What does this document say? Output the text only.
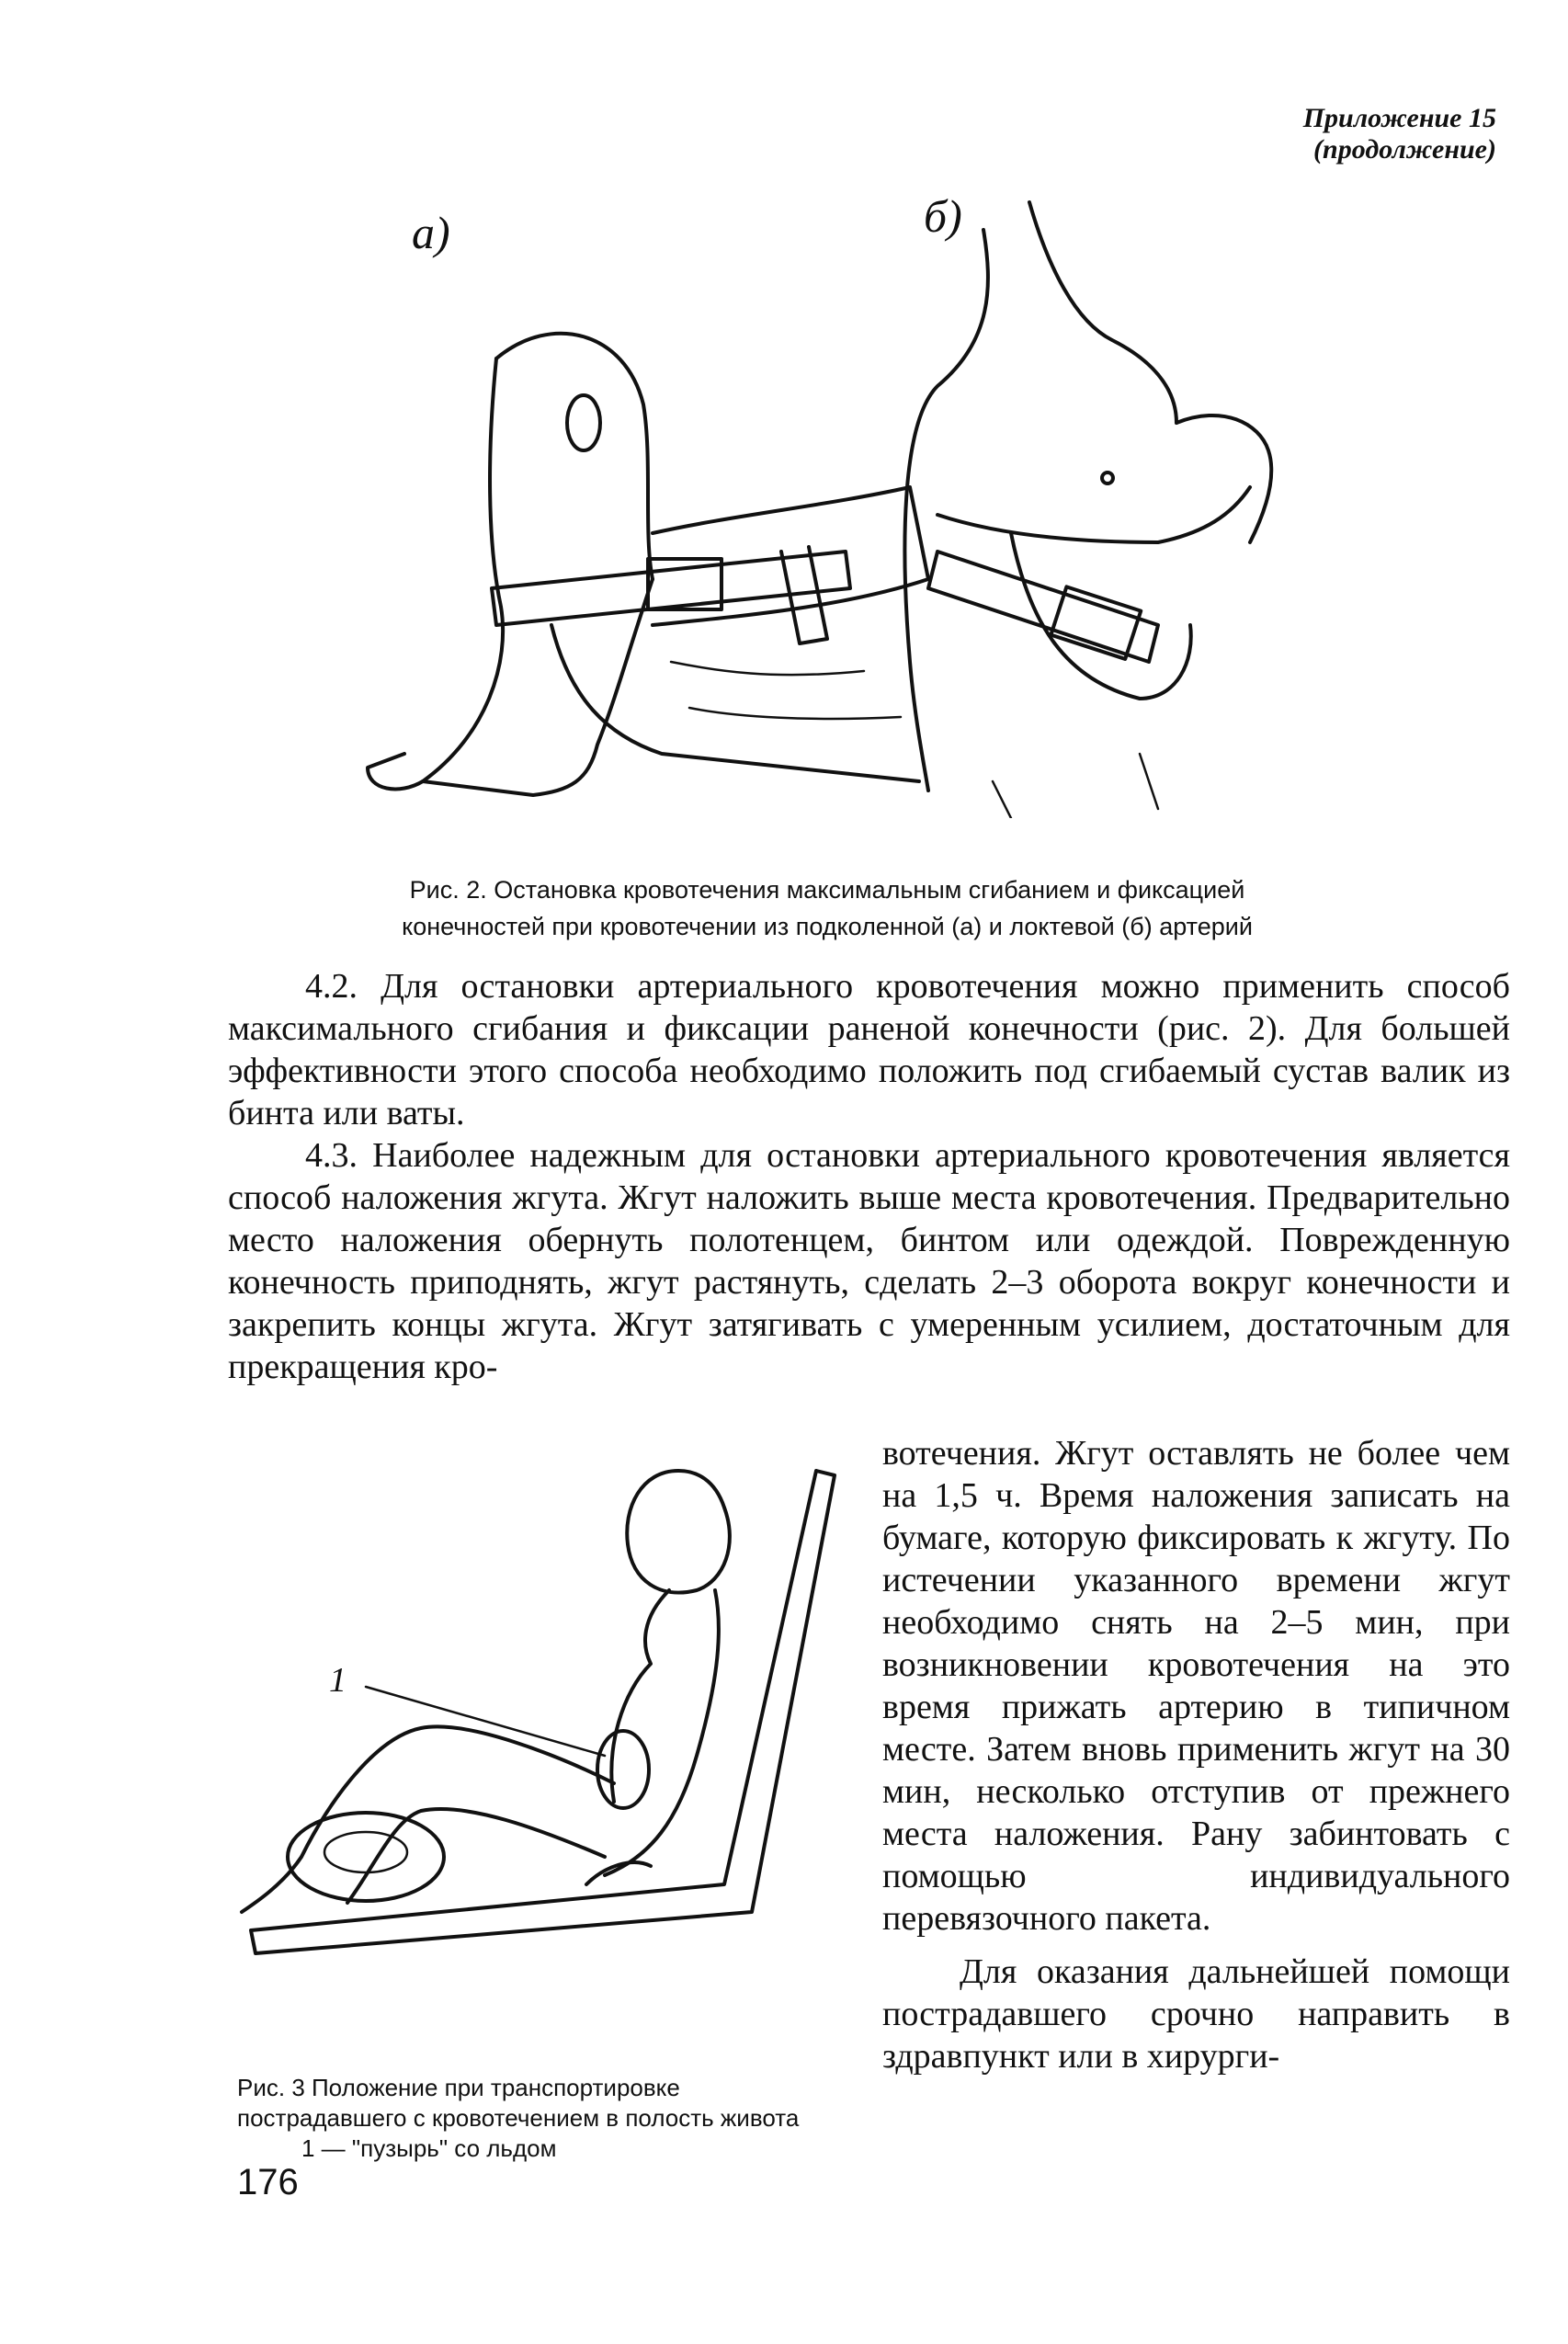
Приложение 15
(продолжение)
а)	б)
Рис. 2. Остановка кровотечения максимальным сгибанием и фиксацией
конечностей при кровотечении из подколенной (а) и локтевой (б) артерий

4.2. Для остановки артериального кровотечения можно применить способ максимального сгибания и фиксации раненой конечности (рис. 2). Для большей эффективности этого способа необходимо положить под сгибаемый сустав валик из бинта или ваты.

4.3. Наиболее надежным для остановки артериального кровотечения является способ наложения жгута. Жгут наложить выше места кровотечения. Предварительно место наложения обернуть полотенцем, бинтом или одеждой. Поврежденную конечность приподнять, жгут растянуть, сделать 2–3 оборота вокруг конечности и закрепить концы жгута. Жгут затягивать с умеренным усилием, достаточным для прекращения кро-

вотечения. Жгут оставлять не более чем на 1,5 ч. Время наложения записать на бумаге, которую фиксировать к жгуту. По истечении указанного времени жгут необходимо снять на 2–5 мин, при возникновении кровотечения на это время прижать артерию в типичном месте. Затем вновь применить жгут на 30 мин, несколько отступив от прежнего места наложения. Рану забинтовать с помощью индивидуального перевязочного пакета.

Для оказания дальнейшей помощи пострадавшего срочно направить в здравпункт или в хирурги-

1
Рис. 3 Положение при транспортировке
пострадавшего с кровотечением в полость живота
1 — "пузырь" со льдом
176
